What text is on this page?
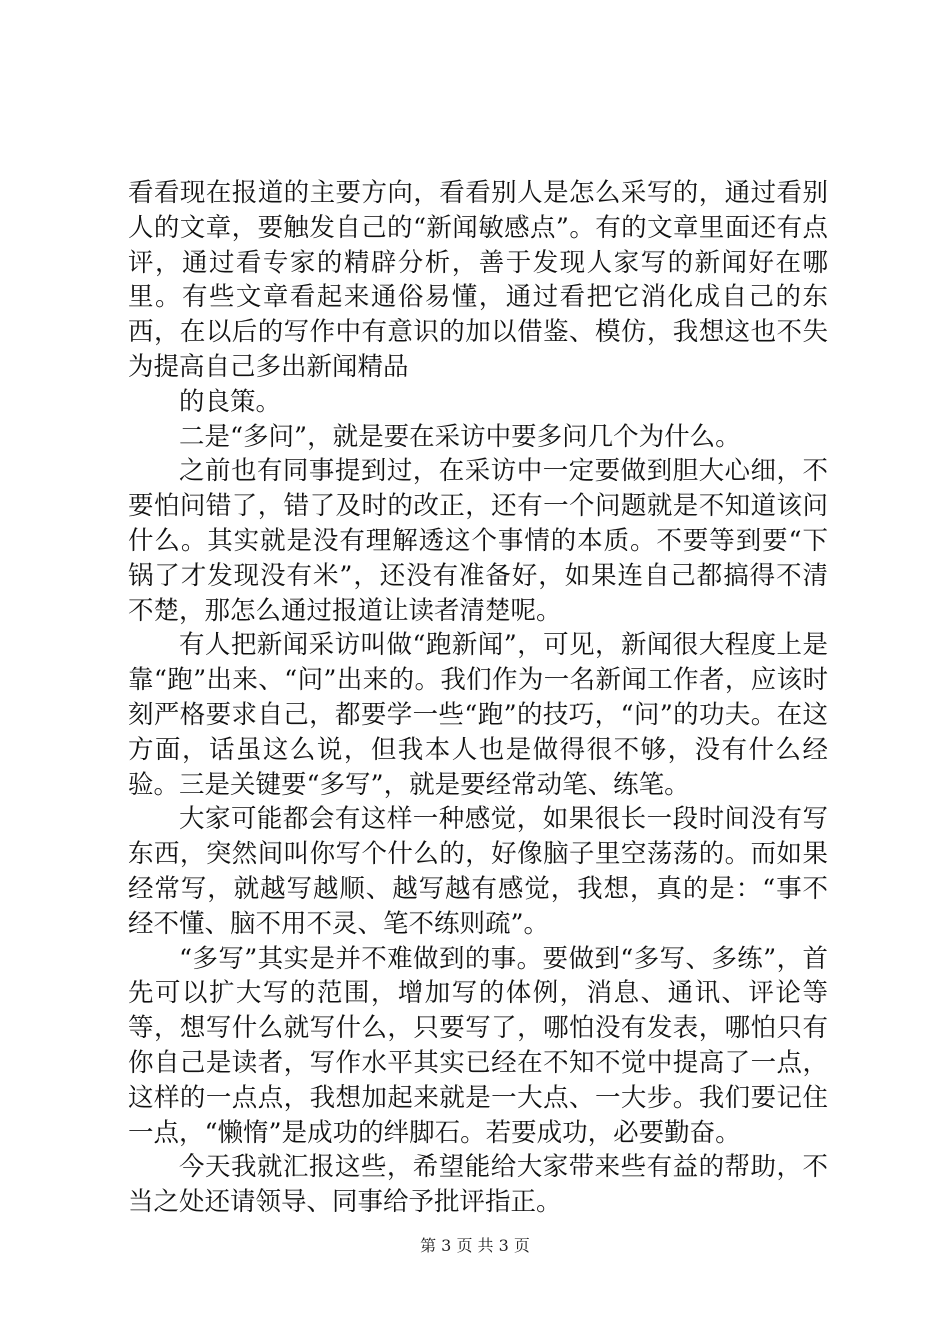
看看现在报道的主要方向，看看别人是怎么采写的，通过看别人的文章，要触发自己的“新闻敏感点”。有的文章里面还有点评，通过看专家的精辟分析，善于发现人家写的新闻好在哪里。有些文章看起来通俗易懂，通过看把它消化成自己的东西，在以后的写作中有意识的加以借鉴、模仿，我想这也不失为提高自己多出新闻精品

的良策。

二是“多问”，就是要在采访中要多问几个为什么。

之前也有同事提到过，在采访中一定要做到胆大心细，不要怕问错了，错了及时的改正，还有一个问题就是不知道该问什么。其实就是没有理解透这个事情的本质。不要等到要“下锅了才发现没有米”，还没有准备好，如果连自己都搞得不清不楚，那怎么通过报道让读者清楚呢。

有人把新闻采访叫做“跑新闻”，可见，新闻很大程度上是靠“跑”出来、“问”出来的。我们作为一名新闻工作者，应该时刻严格要求自己，都要学一些“跑”的技巧，“问”的功夫。在这方面，话虽这么说，但我本人也是做得很不够，没有什么经验。三是关键要“多写”，就是要经常动笔、练笔。

大家可能都会有这样一种感觉，如果很长一段时间没有写东西，突然间叫你写个什么的，好像脑子里空荡荡的。而如果经常写，就越写越顺、越写越有感觉，我想，真的是：“事不经不懂、脑不用不灵、笔不练则疏”。

“多写”其实是并不难做到的事。要做到“多写、多练”，首先可以扩大写的范围，增加写的体例，消息、通讯、评论等等，想写什么就写什么，只要写了，哪怕没有发表，哪怕只有你自己是读者，写作水平其实已经在不知不觉中提高了一点，这样的一点点，我想加起来就是一大点、一大步。我们要记住一点，“懒惰”是成功的绊脚石。若要成功，必要勤奋。

今天我就汇报这些，希望能给大家带来些有益的帮助，不当之处还请领导、同事给予批评指正。

第 3 页 共 3 页
